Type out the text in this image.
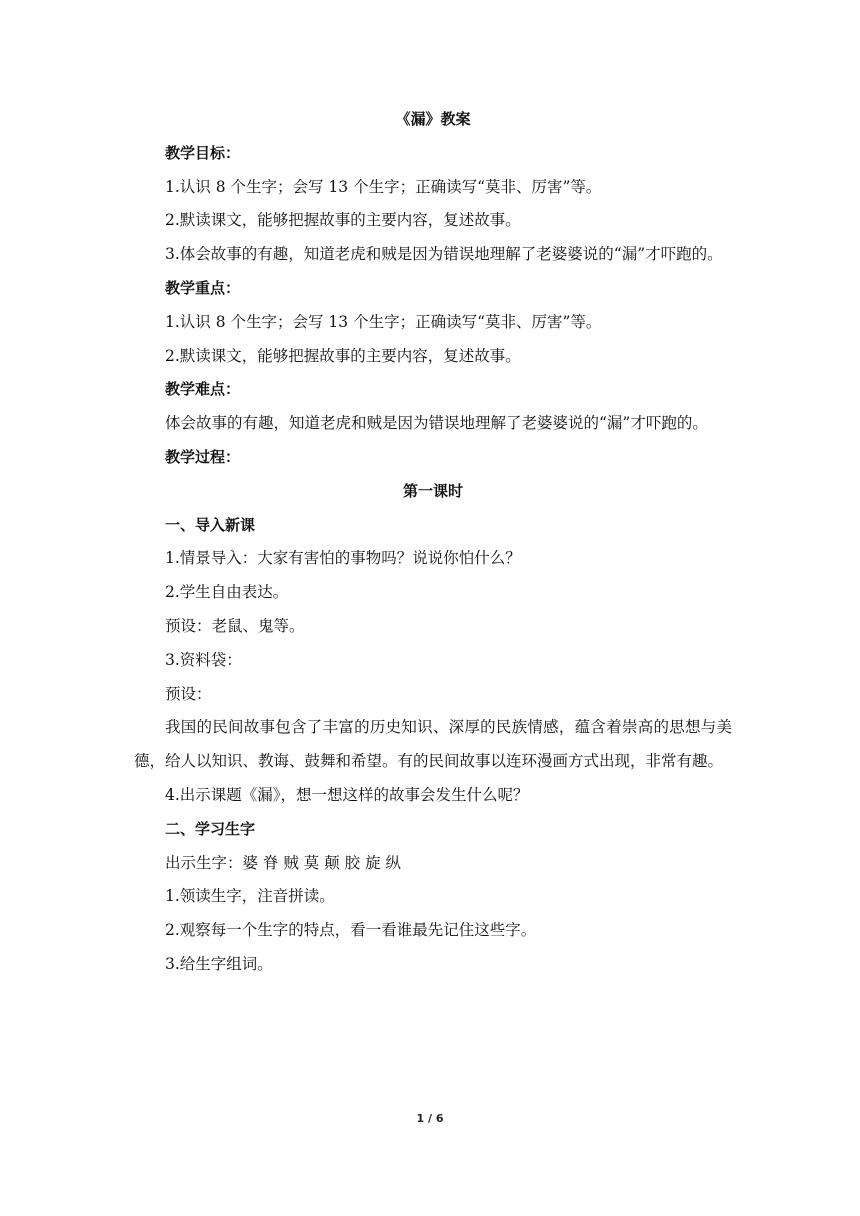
《漏》教案
教学目标：
1.认识 8 个生字；会写 13 个生字；正确读写“莫非、厉害”等。
2.默读课文，能够把握故事的主要内容，复述故事。

3.体会故事的有趣，知道老虎和贼是因为错误地理解了老婆婆说的“漏”才吓跑的。

教学重点：
1.认识 8 个生字；会写 13 个生字；正确读写“莫非、厉害”等。
2.默读课文，能够把握故事的主要内容，复述故事。
教学难点：

体会故事的有趣，知道老虎和贼是因为错误地理解了老婆婆说的“漏”才吓跑的。

教学过程：
第一课时
一、导入新课
1.情景导入：大家有害怕的事物吗？说说你怕什么？
2.学生自由表达。
预设：老鼠、鬼等。
3.资料袋：
预设：

我国的民间故事包含了丰富的历史知识、深厚的民族情感，蕴含着崇高的思想与美德，给人以知识、教诲、鼓舞和希望。有的民间故事以连环漫画方式出现，非常有趣。

4.出示课题《漏》，想一想这样的故事会发生什么呢？
二、学习生字
出示生字：婆 脊 贼 莫 颠 胶 旋 纵
1.领读生字，注音拼读。
2.观察每一个生字的特点，看一看谁最先记住这些字。
3.给生字组词。
1 / 6
